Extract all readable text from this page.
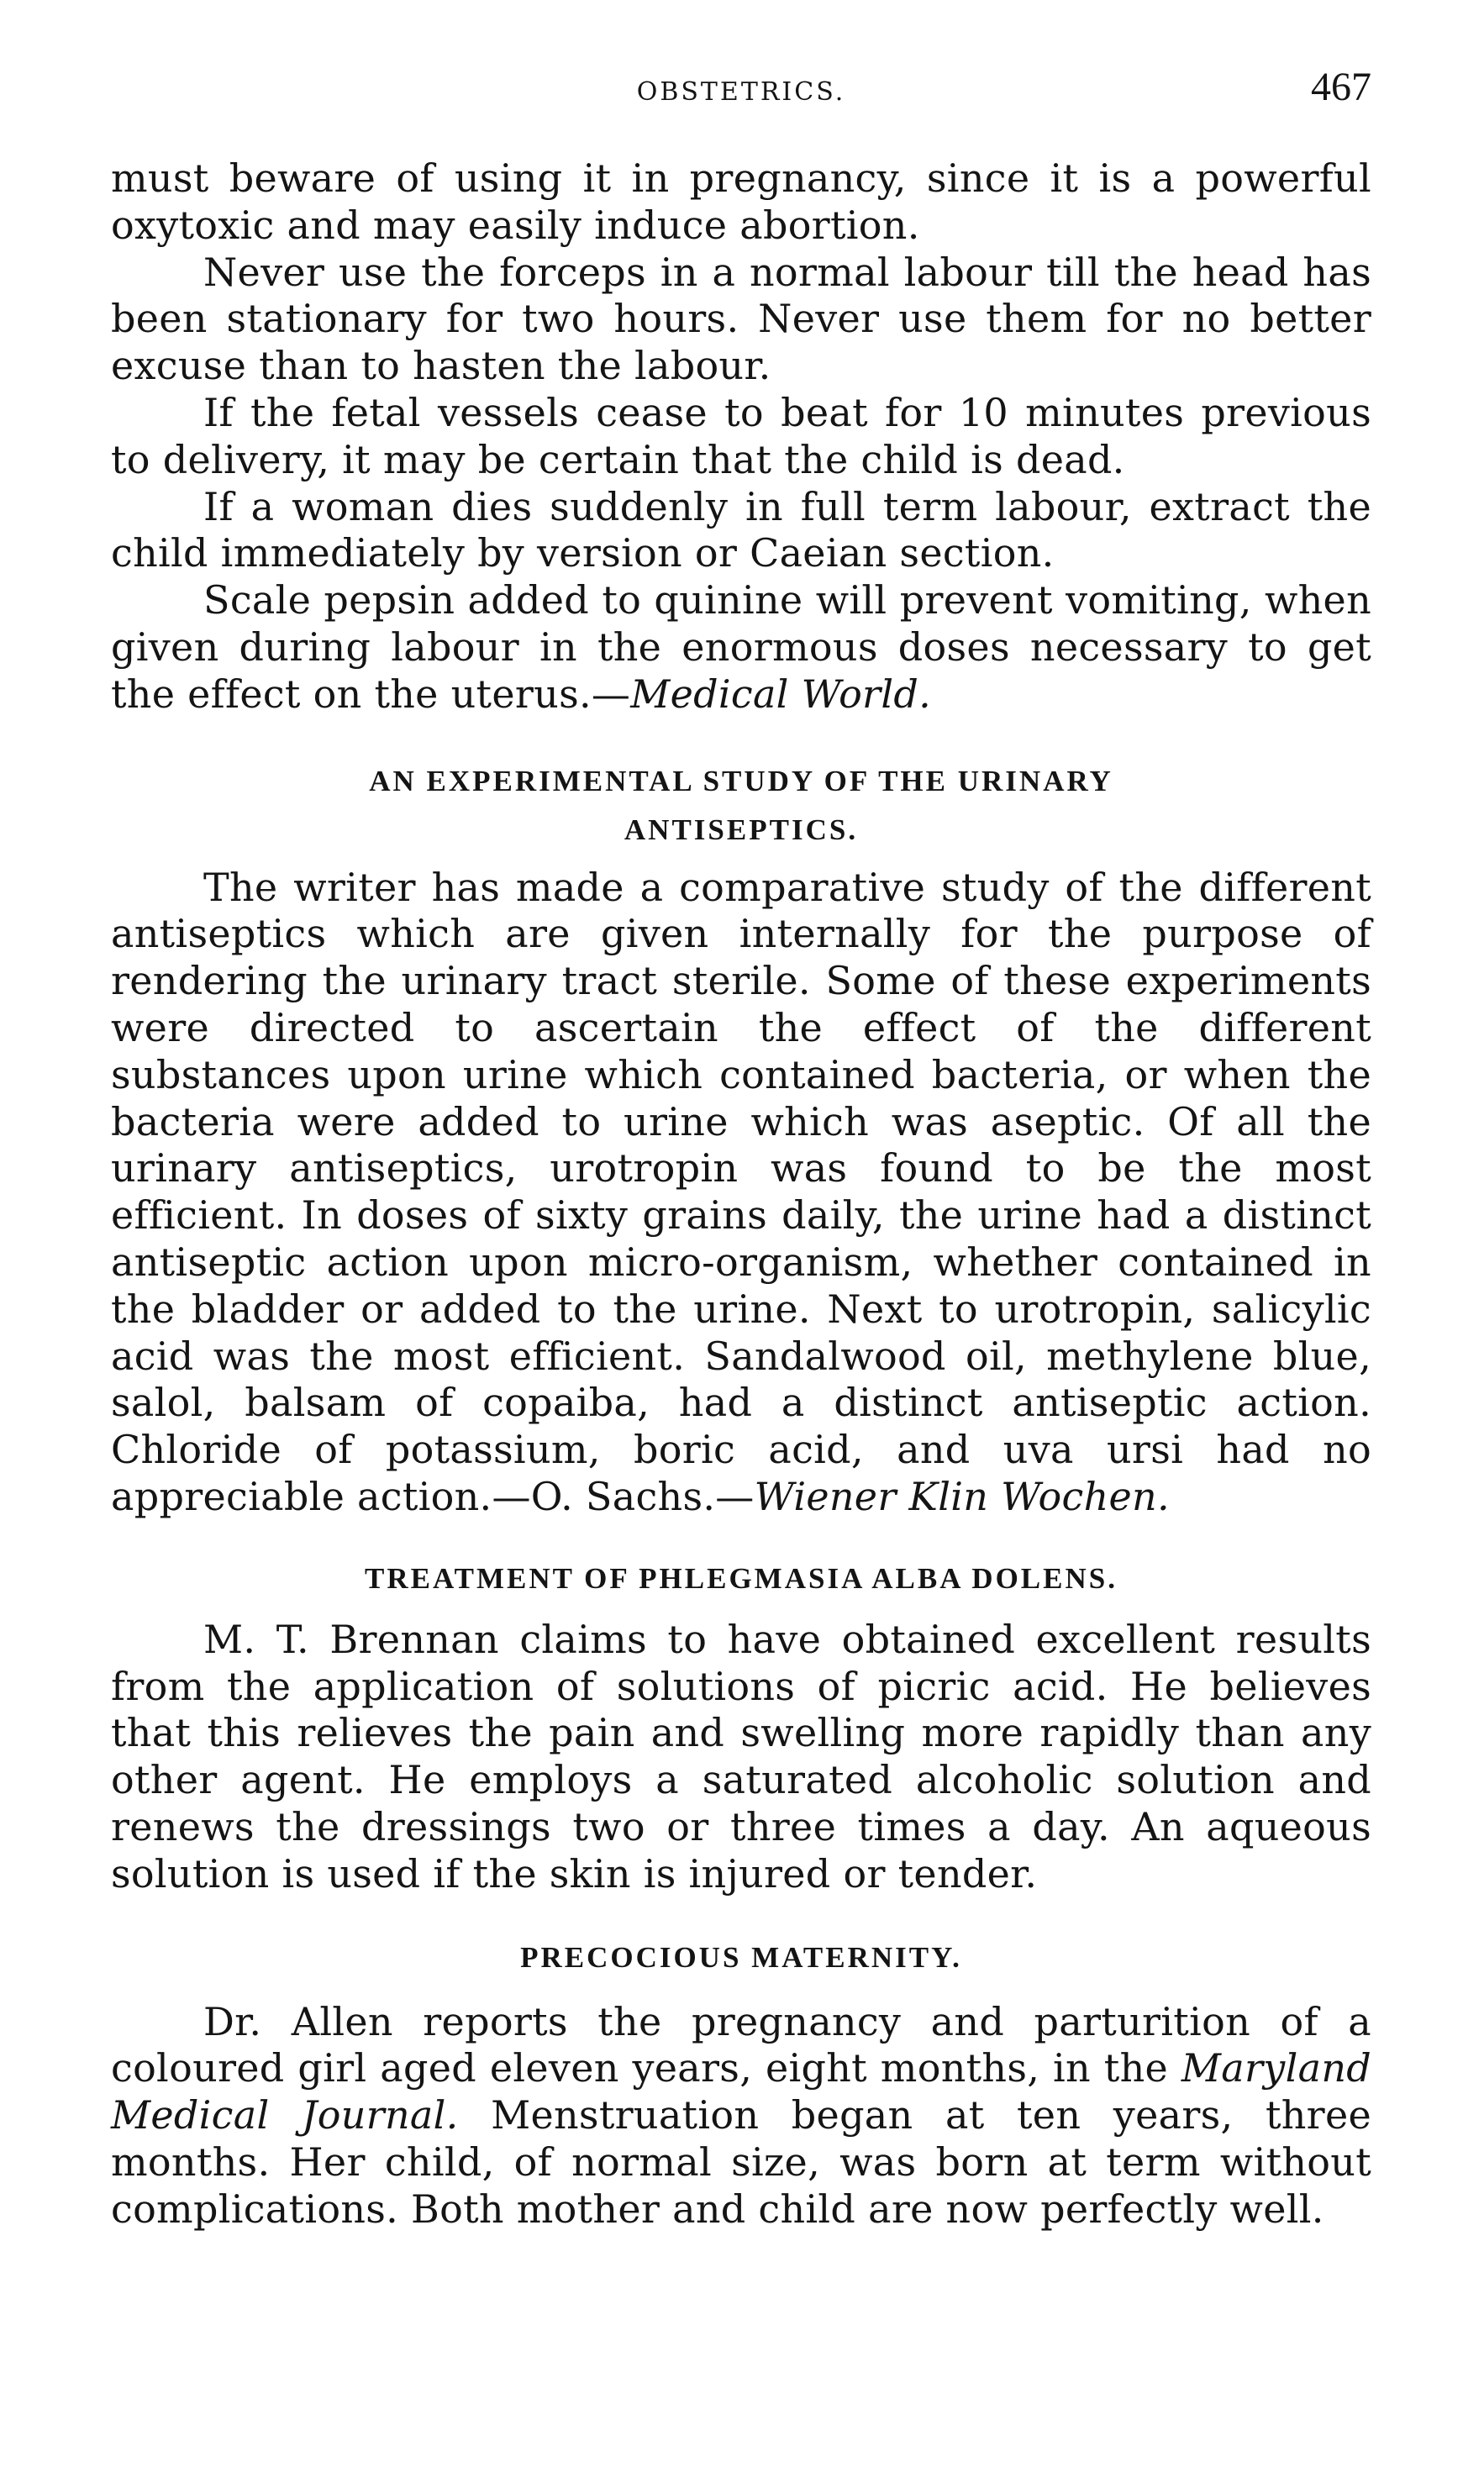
OBSTETRICS.	467

must beware of using it in pregnancy, since it is a powerful oxytoxic and may easily induce abortion.

Never use the forceps in a normal labour till the head has been stationary for two hours. Never use them for no better excuse than to hasten the labour.

If the fetal vessels cease to beat for 10 minutes previous to delivery, it may be certain that the child is dead.

If a woman dies suddenly in full term labour, extract the child immediately by version or Caeian section.

Scale pepsin added to quinine will prevent vomiting, when given during labour in the enormous doses necessary to get the effect on the uterus.—Medical World.

AN EXPERIMENTAL STUDY OF THE URINARY
ANTISEPTICS.

The writer has made a comparative study of the different antiseptics which are given internally for the purpose of rendering the urinary tract sterile. Some of these experiments were directed to ascertain the effect of the different substances upon urine which contained bacteria, or when the bacteria were added to urine which was aseptic. Of all the urinary antiseptics, urotropin was found to be the most efficient. In doses of sixty grains daily, the urine had a distinct antiseptic action upon micro-organism, whether contained in the bladder or added to the urine. Next to urotropin, salicylic acid was the most efficient. Sandalwood oil, methylene blue, salol, balsam of copaiba, had a distinct antiseptic action. Chloride of potassium, boric acid, and uva ursi had no appreciable action.—O. Sachs.—Wiener Klin Wochen.

TREATMENT OF PHLEGMASIA ALBA DOLENS.

M. T. Brennan claims to have obtained excellent results from the application of solutions of picric acid. He believes that this relieves the pain and swelling more rapidly than any other agent. He employs a saturated alcoholic solution and renews the dressings two or three times a day. An aqueous solution is used if the skin is injured or tender.

PRECOCIOUS MATERNITY.

Dr. Allen reports the pregnancy and parturition of a coloured girl aged eleven years, eight months, in the Maryland Medical Journal. Menstruation began at ten years, three months. Her child, of normal size, was born at term without complications. Both mother and child are now perfectly well.
